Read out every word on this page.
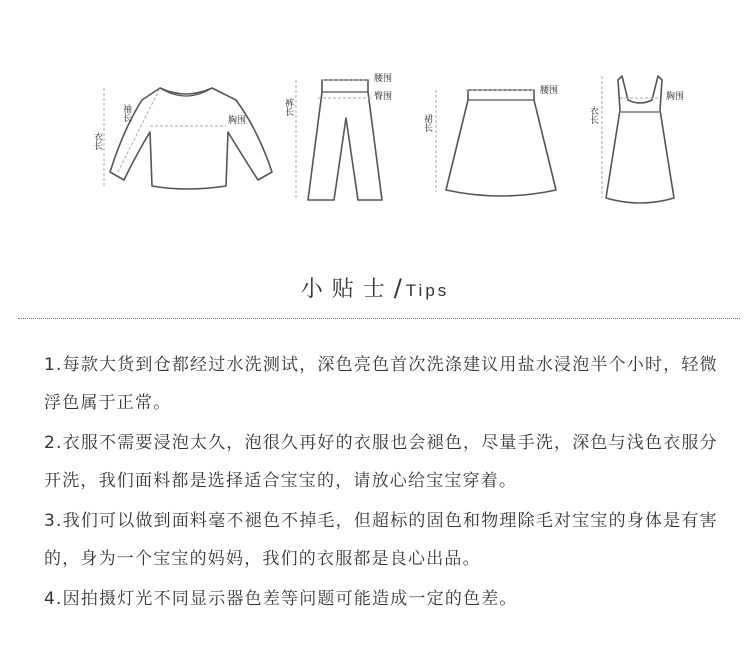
衣长
袖长	胸围
腰围
臀围
裤长
腰围
裙长
胸围
衣长
小贴士/ Tips

1.每款大货到仓都经过水洗测试，深色亮色首次洗涤建议用盐水浸泡半个小时，轻微浮色属于正常。

2.衣服不需要浸泡太久，泡很久再好的衣服也会褪色，尽量手洗，深色与浅色衣服分开洗，我们面料都是选择适合宝宝的，请放心给宝宝穿着。

3.我们可以做到面料毫不褪色不掉毛，但超标的固色和物理除毛对宝宝的身体是有害的，身为一个宝宝的妈妈，我们的衣服都是良心出品。

4.因拍摄灯光不同显示器色差等问题可能造成一定的色差。
